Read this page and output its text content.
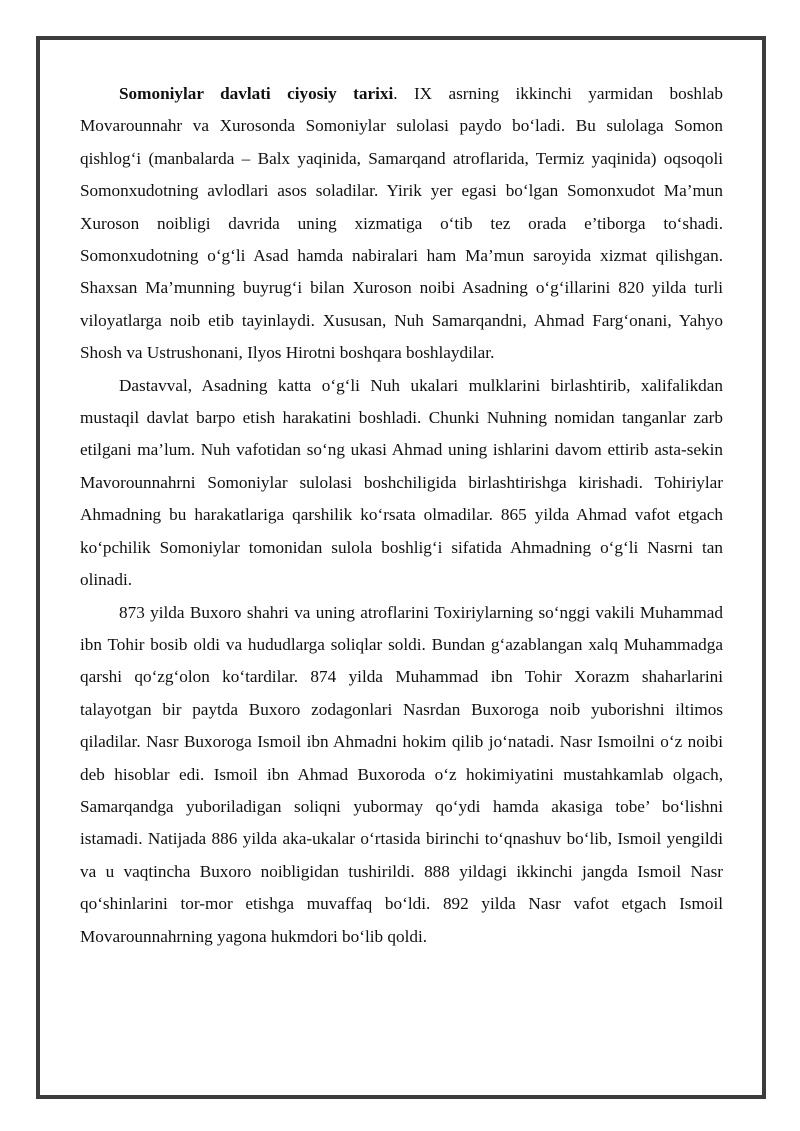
Somoniylar davlati ciyosiy tarixi. IX asrning ikkinchi yarmidan boshlab Movarounnahr va Xurosonda Somoniylar sulolasi paydo bo‘ladi. Bu sulolaga Somon qishlog‘i (manbalarda – Balx yaqinida, Samarqand atroflarida, Termiz yaqinida) oqsoqoli Somonxudotning avlodlari asos soladilar. Yirik yer egasi bo‘lgan Somonxudot Ma’mun Xuroson noibligi davrida uning xizmatiga o‘tib tez orada e’tiborga to‘shadi. Somonxudotning o‘g‘li Asad hamda nabiralari ham Ma’mun saroyida xizmat qilishgan. Shaxsan Ma’munning buyrug‘i bilan Xuroson noibi Asadning o‘g‘illarini 820 yilda turli viloyatlarga noib etib tayinlaydi. Xususan, Nuh Samarqandni, Ahmad Farg‘onani, Yahyo Shosh va Ustrushonani, Ilyos Hirotni boshqara boshlaydilar.

Dastavval, Asadning katta o‘g‘li Nuh ukalari mulklarini birlashtirib, xalifalikdan mustaqil davlat barpo etish harakatini boshladi. Chunki Nuhning nomidan tanganlar zarb etilgani ma’lum. Nuh vafotidan so‘ng ukasi Ahmad uning ishlarini davom ettirib asta-sekin Mavorounnahrni Somoniylar sulolasi boshchiligida birlashtirishga kirishadi. Tohiriylar Ahmadning bu harakatlariga qarshilik ko‘rsata olmadilar. 865 yilda Ahmad vafot etgach ko‘pchilik Somoniylar tomonidan sulola boshlig‘i sifatida Ahmadning o‘g‘li Nasrni tan olinadi.

873 yilda Buxoro shahri va uning atroflarini Toxiriylarning so‘nggi vakili Muhammad ibn Tohir bosib oldi va hududlarga soliqlar soldi. Bundan g‘azablangan xalq Muhammadga qarshi qo‘zg‘olon ko‘tardilar. 874 yilda Muhammad ibn Tohir Xorazm shaharlarini talayotgan bir paytda Buxoro zodagonlari Nasrdan Buxoroga noib yuborishni iltimos qiladilar. Nasr Buxoroga Ismoil ibn Ahmadni hokim qilib jo‘natadi. Nasr Ismoilni o‘z noibi deb hisoblar edi. Ismoil ibn Ahmad Buxoroda o‘z hokimiyatini mustahkamlab olgach, Samarqandga yuboriladigan soliqni yubormay qo‘ydi hamda akasiga tobe’ bo‘lishni istamadi. Natijada 886 yilda aka-ukalar o‘rtasida birinchi to‘qnashuv bo‘lib, Ismoil yengildi va u vaqtincha Buxoro noibligidan tushirildi. 888 yildagi ikkinchi jangda Ismoil Nasr qo‘shinlarini tor-mor etishga muvaffaq bo‘ldi. 892 yilda Nasr vafot etgach Ismoil Movarounnahrning yagona hukmdori bo‘lib qoldi.
